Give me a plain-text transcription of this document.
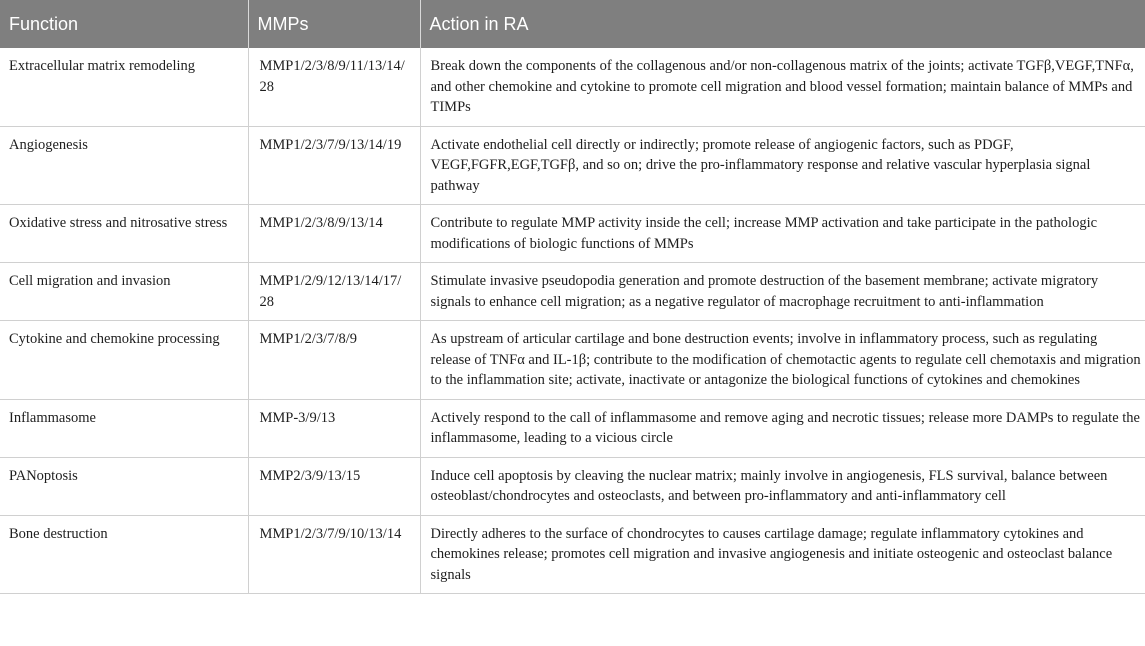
Function	MMPs	Action in RA
Extracellular matrix remodeling	MMP1/2/3/8/9/11/13/14/28	Break down the components of the collagenous and/or non-collagenous matrix of the joints; activate TGFβ,VEGF,TNFα, and other chemokine and cytokine to promote cell migration and blood vessel formation; maintain balance of MMPs and TIMPs
Angiogenesis	MMP1/2/3/7/9/13/14/19	Activate endothelial cell directly or indirectly; promote release of angiogenic factors, such as PDGF, VEGF,FGFR,EGF,TGFβ, and so on; drive the pro-inflammatory response and relative vascular hyperplasia signal pathway
Oxidative stress and nitrosative stress	MMP1/2/3/8/9/13/14	Contribute to regulate MMP activity inside the cell; increase MMP activation and take participate in the pathologic modifications of biologic functions of MMPs
Cell migration and invasion	MMP1/2/9/12/13/14/17/28	Stimulate invasive pseudopodia generation and promote destruction of the basement membrane; activate migratory signals to enhance cell migration; as a negative regulator of macrophage recruitment to anti-inflammation
Cytokine and chemokine processing	MMP1/2/3/7/8/9	As upstream of articular cartilage and bone destruction events; involve in inflammatory process, such as regulating release of TNFα and IL-1β; contribute to the modification of chemotactic agents to regulate cell chemotaxis and migration to the inflammation site; activate, inactivate or antagonize the biological functions of cytokines and chemokines
Inflammasome	MMP-3/9/13	Actively respond to the call of inflammasome and remove aging and necrotic tissues; release more DAMPs to regulate the inflammasome, leading to a vicious circle
PANoptosis	MMP2/3/9/13/15	Induce cell apoptosis by cleaving the nuclear matrix; mainly involve in angiogenesis, FLS survival, balance between osteoblast/chondrocytes and osteoclasts, and between pro-inflammatory and anti-inflammatory cell
Bone destruction	MMP1/2/3/7/9/10/13/14	Directly adheres to the surface of chondrocytes to causes cartilage damage; regulate inflammatory cytokines and chemokines release; promotes cell migration and invasive angiogenesis and initiate osteogenic and osteoclast balance signals
